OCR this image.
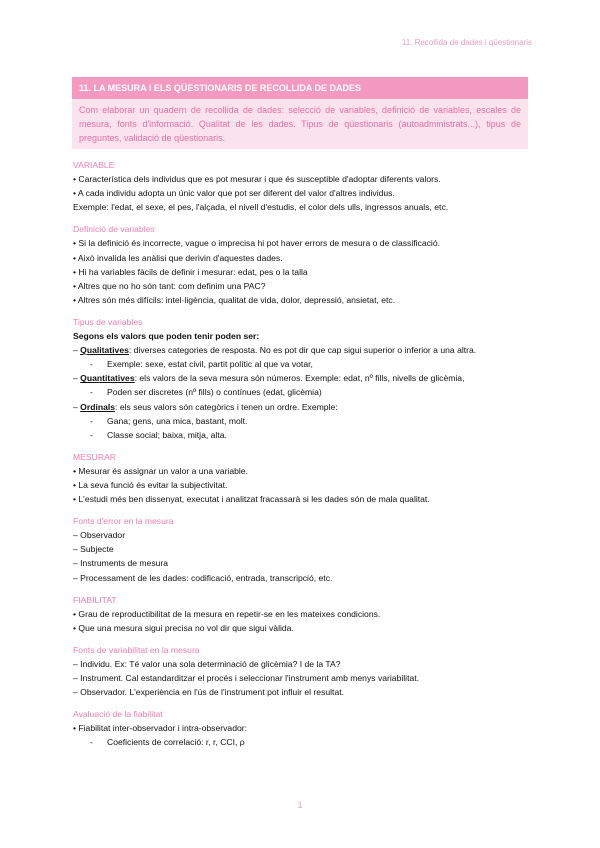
11. Recollida de dades i qüestionaris
11. LA MESURA I ELS QÜESTIONARIS DE RECOLLIDA DE DADES
Com elaborar un quadern de recollida de dades: selecció de variables, definició de variables, escales de mesura, fonts d'informació. Qualitat de les dades. Tipus de qüestionaris (autoadministrats...), tipus de preguntes, validació de qüestionaris.
VARIABLE
• Característica dels individus que es pot mesurar i que és susceptible d'adoptar diferents valors.
• A cada individu adopta un únic valor que pot ser diferent del valor d'altres individus.
Exemple: l'edat, el sexe, el pes, l'alçada, el nivell d'estudis, el color dels ulls, ingressos anuals, etc.
Definició de variables
• Si la definició és incorrecte, vague o imprecisa hi pot haver errors de mesura o de classificació.
• Això invalida les anàlisi que derivin d'aquestes dades.
• Hi ha variables fàcils de definir i mesurar: edat, pes o la talla
• Altres que no ho són tant: com definim una PAC?
• Altres són més difícils: intel·ligència, qualitat de vida, dolor, depressió, ansietat, etc.
Tipus de variables
Segons els valors que poden tenir poden ser:
– Qualitatives: diverses categories de resposta. No es pot dir que cap sigui superior o inferior a una altra.
- Exemple: sexe, estat civil, partit polític al que va votar,
– Quantitatives: els valors de la seva mesura són números. Exemple: edat, nº fills, nivells de glicèmia,
- Poden ser discretes (nº fills) o contínues (edat, glicèmia)
– Ordinals: els seus valors són categòrics i tenen un ordre. Exemple:
- Gana; gens, una mica, bastant, molt.
- Classe social; baixa, mitja, alta.
MESURAR
• Mesurar és assignar un valor a una variable.
• La seva funció és evitar la subjectivitat.
• L'estudi més ben dissenyat, executat i analitzat fracassarà si les dades són de mala qualitat.
Fonts d'error en la mesura
– Observador
– Subjecte
– Instruments de mesura
– Processament de les dades: codificació, entrada, transcripció, etc.
FIABILITAT
• Grau de reproductibilitat de la mesura en repetir-se en les mateixes condicions.
• Que una mesura sigui precisa no vol dir que sigui vàlida.
Fonts de variabilitat en la mesura
– Individu. Ex: Té valor una sola determinació de glicèmia? I de la TA?
– Instrument. Cal estandarditzar el procés i seleccionar l'instrument amb menys variabilitat.
– Observador. L'experiència en l'ús de l'instrument pot influir el resultat.
Avaluació de la fiabilitat
• Fiabilitat inter-observador i intra-observador:
- Coeficients de correlació: r, r, CCI, ρ
1
